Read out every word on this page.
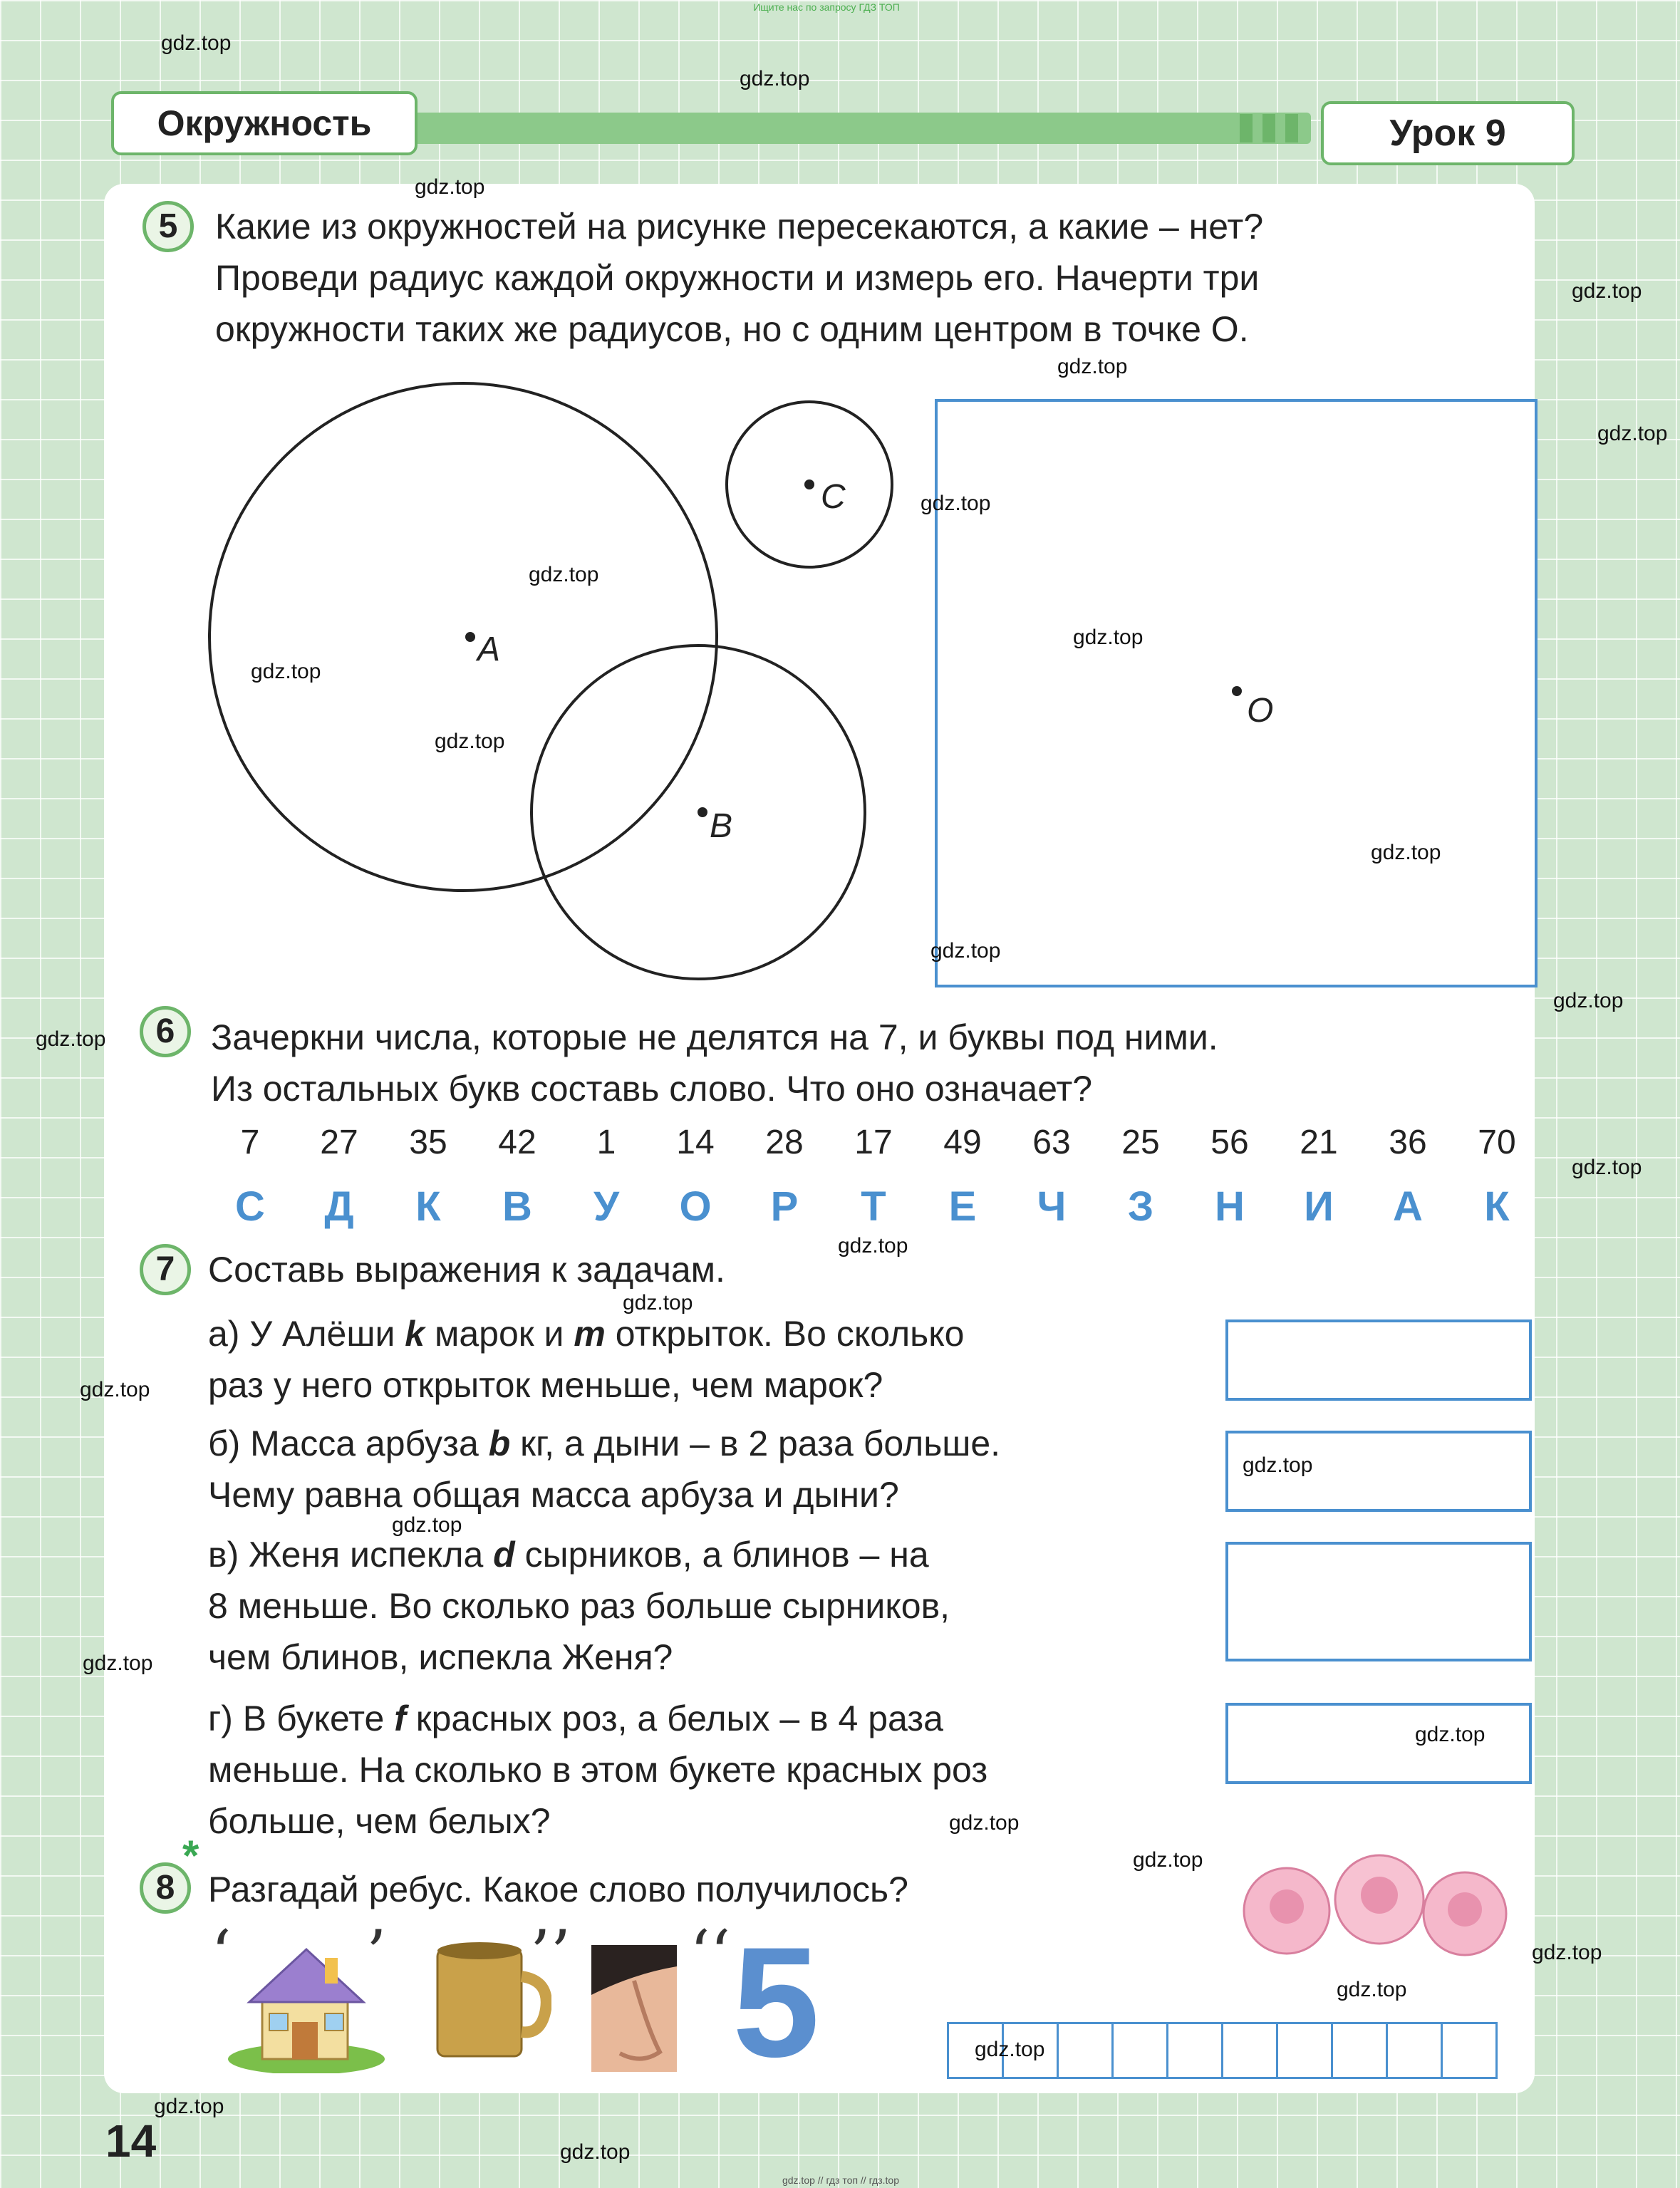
Ищите нас по запросу ГДЗ ТОП
Окружность	Урок 9
5	Какие из окружностей на рисунке пересекаются, а какие – нет?
Проведи радиус каждой окружности и измерь его. Начерти три
окружности таких же радиусов, но с одним центром в точке O.
A
C
B
O
6	Зачеркни числа, которые не делятся на 7, и буквы под ними.
Из остальных букв составь слово. Что оно означает?
7	27	35	42	1	14	28	17	49	63	25	56	21	36	70
С	Д	К	В	У	О	Р	Т	Е	Ч	З	Н	И	А	К
7 Составь выражения к задачам.
а) У Алёши k марок и m открыток. Во сколько
раз у него открыток меньше, чем марок?
б) Масса арбуза b кг, а дыни – в 2 раза больше.
Чему равна общая масса арбуза и дыни?
в) Женя испекла d сырников, а блинов – на
8 меньше. Во сколько раз больше сырников,
чем блинов, испекла Женя?
г) В букете f красных роз, а белых – в 4 раза
меньше. На сколько в этом букете красных роз
больше, чем белых?
8
*
Разгадай ребус. Какое слово получилось?
‘ ’ ’’ ‘‘ 5
gdz.top
gdz.top
gdz.top
gdz.top
gdz.top
gdz.top
gdz.top
gdz.top
gdz.top
gdz.top
gdz.top
gdz.top
gdz.top
gdz.top
gdz.top
gdz.top
gdz.top
gdz.top
gdz.top
gdz.top
gdz.top
gdz.top
gdz.top
gdz.top
gdz.top
gdz.top
gdz.top
gdz.top
gdz.top
gdz.top
14
gdz.top // гдз топ // гдз.top
